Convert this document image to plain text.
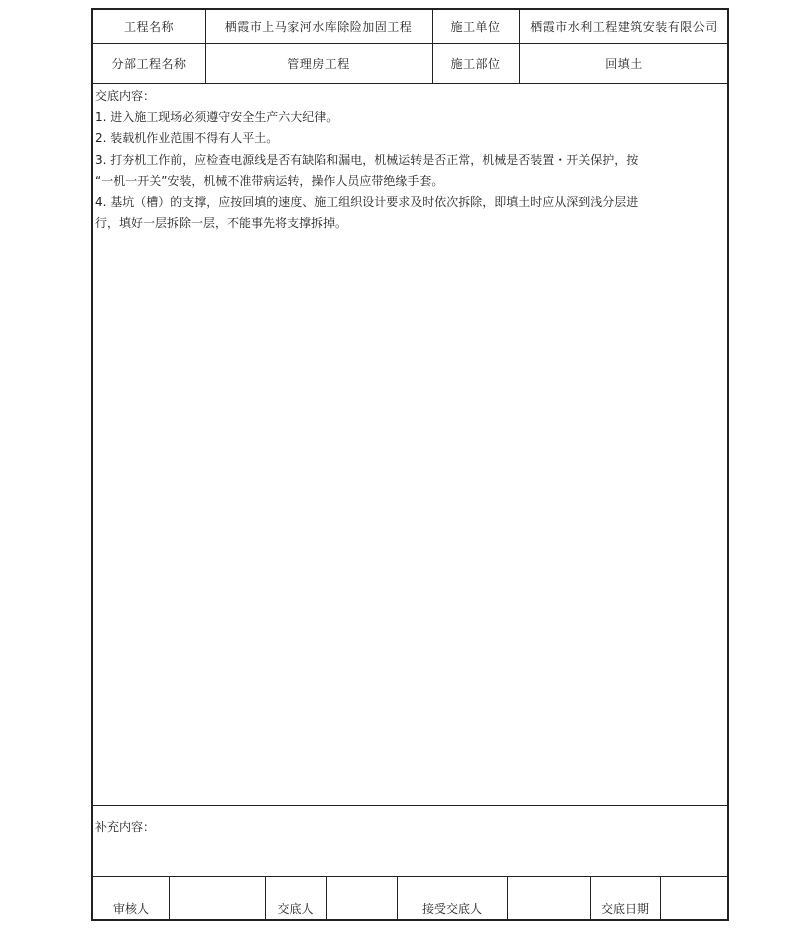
工程名称	栖霞市上马家河水库除险加固工程	施工单位	栖霞市水利工程建筑安装有限公司
分部工程名称	管理房工程	施工部位	回填土

交底内容：

1. 进入施工现场必须遵守安全生产六大纪律。

2. 装载机作业范围不得有人平土。

3. 打夯机工作前，应检查电源线是否有缺陷和漏电，机械运转是否正常，机械是否装置・开关保护，按

“一机一开关”安装，机械不准带病运转，操作人员应带绝缘手套。

4. 基坑（槽）的支撑，应按回填的速度、施工组织设计要求及时依次拆除，即填土时应从深到浅分层进

行，填好一层拆除一层，不能事先将支撑拆掉。

补充内容：
审核人	交底人	接受交底人	交底日期
